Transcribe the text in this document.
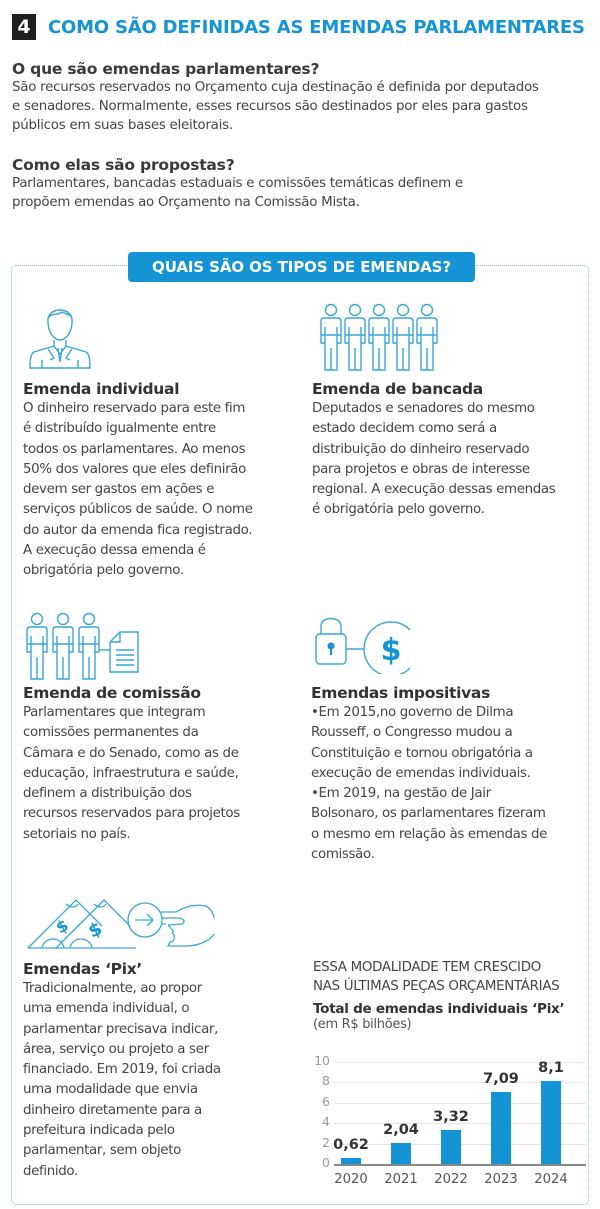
4 COMO SÃO DEFINIDAS AS EMENDAS PARLAMENTARES
O que são emendas parlamentares?

São recursos reservados no Orçamento cuja destinação é definida por deputados

e senadores. Normalmente, esses recursos são destinados por eles para gastos

públicos em suas bases eleitorais.

Como elas são propostas?

Parlamentares, bancadas estaduais e comissões temáticas definem e

propõem emendas ao Orçamento na Comissão Mista.

QUAIS SÃO OS TIPOS DE EMENDAS?
$
$ $
Emenda individual

O dinheiro reservado para este fim

é distribuído igualmente entre

todos os parlamentares. Ao menos

50% dos valores que eles definirão

devem ser gastos em ações e

serviços públicos de saúde. O nome

do autor da emenda fica registrado.

A execução dessa emenda é

obrigatória pelo governo.

Emenda de bancada

Deputados e senadores do mesmo

estado decidem como será a

distribuição do dinheiro reservado

para projetos e obras de interesse

regional. A execução dessas emendas

é obrigatória pelo governo.

Emenda de comissão

Parlamentares que integram

comissões permanentes da

Câmara e do Senado, como as de

educação, infraestrutura e saúde,

definem a distribuição dos

recursos reservados para projetos

setoriais no país.

Emendas impositivas

•Em 2015,no governo de Dilma

Rousseff, o Congresso mudou a

Constituição e tornou obrigatória a

execução de emendas individuais.

•Em 2019, na gestão de Jair

Bolsonaro, os parlamentares fizeram

o mesmo em relação às emendas de

comissão.

Emendas ‘Pix’

Tradicionalmente, ao propor

uma emenda individual, o

parlamentar precisava indicar,

área, serviço ou projeto a ser

financiado. Em 2019, foi criada

uma modalidade que envia

dinheiro diretamente para a

prefeitura indicada pelo

parlamentar, sem objeto

definido.

ESSA MODALIDADE TEM CRESCIDO
NAS ÚLTIMAS PEÇAS ORÇAMENTÁRIAS
Total de emendas individuais ‘Pix’
(em R$ bilhões)
0
2
4
6
8
10
0,62
2020
2,04
2021
3,32
2022
7,09
2023
8,1
2024
